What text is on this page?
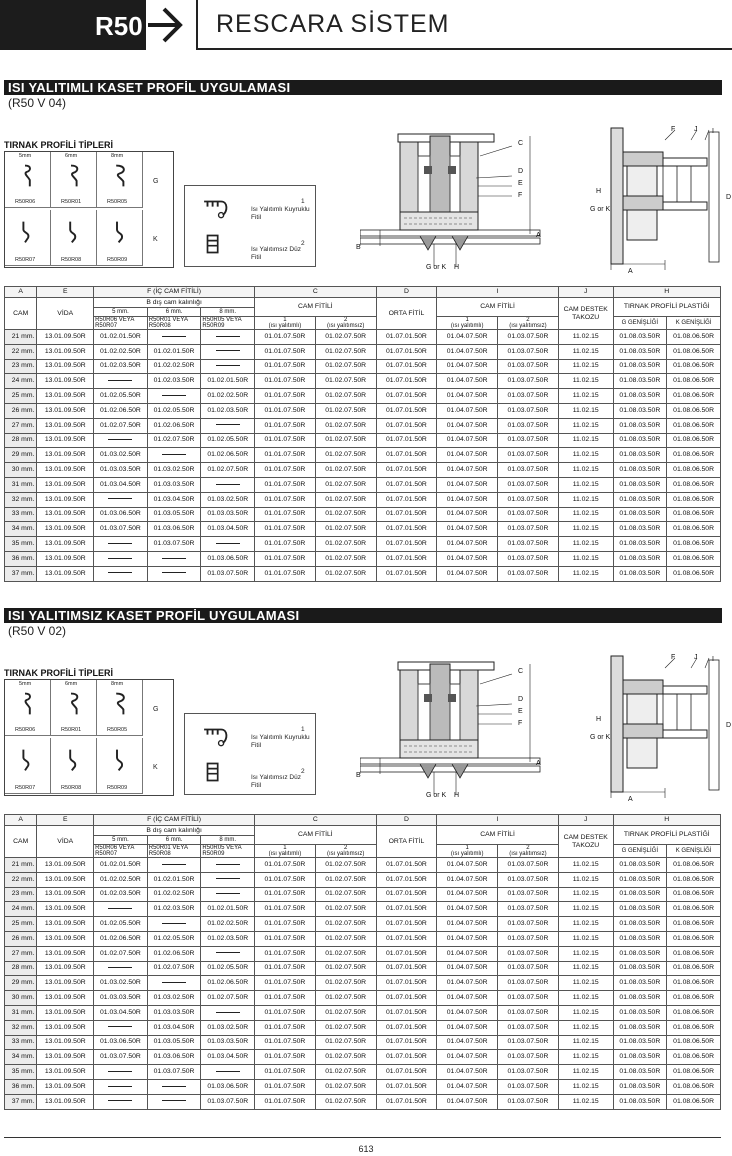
R50	RESCARA SİSTEM
ISI YALITIMLI KASET PROFİL UYGULAMASI
(R50 V 04)
TIRNAK PROFİLİ TİPLERİ
5mm
R50R06
6mm
R50R01
8mm
R50R05
R50R07	R50R08	R50R09
G
K
1
Isı Yalıtımlı Kuyruklu Fitil
2
Isı Yalıtımsız Düz Fitil
C
D
E
F
B
A
G or K H
F	J I
H
G or K
D
A
A	E	F (İÇ CAM FİTİLİ)			C		D	I		J	H	
CAM	VİDA	B dış cam kalınlığı			CAM FİTİLİ		ORTA FİTİL	CAM FİTİLİ		CAM DESTEK TAKOZU	TIRNAK PROFİLİ PLASTİĞİ	
		5 mm.	6 mm.	8 mm.								
		R50R06 VEYA R50R07	R50R01 VEYA R50R08	R50R05 VEYA R50R09	1
(ısı yalıtımlı)	2
(ısı yalıtımsız)		1
(ısı yalıtımlı)	2
(ısı yalıtımsız)		G GENİŞLİĞİ	K GENİŞLİĞİ
21 mm.	13.01.09.50R	01.02.01.50R			01.01.07.50R	01.02.07.50R	01.07.01.50R	01.04.07.50R	01.03.07.50R	11.02.15	01.08.03.50R	01.08.06.50R
22 mm.	13.01.09.50R	01.02.02.50R	01.02.01.50R		01.01.07.50R	01.02.07.50R	01.07.01.50R	01.04.07.50R	01.03.07.50R	11.02.15	01.08.03.50R	01.08.06.50R
23 mm.	13.01.09.50R	01.02.03.50R	01.02.02.50R		01.01.07.50R	01.02.07.50R	01.07.01.50R	01.04.07.50R	01.03.07.50R	11.02.15	01.08.03.50R	01.08.06.50R
24 mm.	13.01.09.50R		01.02.03.50R	01.02.01.50R	01.01.07.50R	01.02.07.50R	01.07.01.50R	01.04.07.50R	01.03.07.50R	11.02.15	01.08.03.50R	01.08.06.50R
25 mm.	13.01.09.50R	01.02.05.50R		01.02.02.50R	01.01.07.50R	01.02.07.50R	01.07.01.50R	01.04.07.50R	01.03.07.50R	11.02.15	01.08.03.50R	01.08.06.50R
26 mm.	13.01.09.50R	01.02.06.50R	01.02.05.50R	01.02.03.50R	01.01.07.50R	01.02.07.50R	01.07.01.50R	01.04.07.50R	01.03.07.50R	11.02.15	01.08.03.50R	01.08.06.50R
27 mm.	13.01.09.50R	01.02.07.50R	01.02.06.50R		01.01.07.50R	01.02.07.50R	01.07.01.50R	01.04.07.50R	01.03.07.50R	11.02.15	01.08.03.50R	01.08.06.50R
28 mm.	13.01.09.50R		01.02.07.50R	01.02.05.50R	01.01.07.50R	01.02.07.50R	01.07.01.50R	01.04.07.50R	01.03.07.50R	11.02.15	01.08.03.50R	01.08.06.50R
29 mm.	13.01.09.50R	01.03.02.50R		01.02.06.50R	01.01.07.50R	01.02.07.50R	01.07.01.50R	01.04.07.50R	01.03.07.50R	11.02.15	01.08.03.50R	01.08.06.50R
30 mm.	13.01.09.50R	01.03.03.50R	01.03.02.50R	01.02.07.50R	01.01.07.50R	01.02.07.50R	01.07.01.50R	01.04.07.50R	01.03.07.50R	11.02.15	01.08.03.50R	01.08.06.50R
31 mm.	13.01.09.50R	01.03.04.50R	01.03.03.50R		01.01.07.50R	01.02.07.50R	01.07.01.50R	01.04.07.50R	01.03.07.50R	11.02.15	01.08.03.50R	01.08.06.50R
32 mm.	13.01.09.50R		01.03.04.50R	01.03.02.50R	01.01.07.50R	01.02.07.50R	01.07.01.50R	01.04.07.50R	01.03.07.50R	11.02.15	01.08.03.50R	01.08.06.50R
33 mm.	13.01.09.50R	01.03.06.50R	01.03.05.50R	01.03.03.50R	01.01.07.50R	01.02.07.50R	01.07.01.50R	01.04.07.50R	01.03.07.50R	11.02.15	01.08.03.50R	01.08.06.50R
34 mm.	13.01.09.50R	01.03.07.50R	01.03.06.50R	01.03.04.50R	01.01.07.50R	01.02.07.50R	01.07.01.50R	01.04.07.50R	01.03.07.50R	11.02.15	01.08.03.50R	01.08.06.50R
35 mm.	13.01.09.50R		01.03.07.50R		01.01.07.50R	01.02.07.50R	01.07.01.50R	01.04.07.50R	01.03.07.50R	11.02.15	01.08.03.50R	01.08.06.50R
36 mm.	13.01.09.50R			01.03.06.50R	01.01.07.50R	01.02.07.50R	01.07.01.50R	01.04.07.50R	01.03.07.50R	11.02.15	01.08.03.50R	01.08.06.50R
37 mm.	13.01.09.50R			01.03.07.50R	01.01.07.50R	01.02.07.50R	01.07.01.50R	01.04.07.50R	01.03.07.50R	11.02.15	01.08.03.50R	01.08.06.50R
ISI YALITIMSIZ KASET PROFİL UYGULAMASI
(R50 V 02)
TIRNAK PROFİLİ TİPLERİ
5mm
R50R06
6mm
R50R01
8mm
R50R05
R50R07	R50R08	R50R09
G
K
1
Isı Yalıtımlı Kuyruklu Fitil
2
Isı Yalıtımsız Düz Fitil
C
D
E
F
B
A
G or K H
F	J I
H
G or K
D
A
A	E	F (İÇ CAM FİTİLİ)			C		D	I		J	H	
CAM	VİDA	B dış cam kalınlığı			CAM FİTİLİ		ORTA FİTİL	CAM FİTİLİ		CAM DESTEK TAKOZU	TIRNAK PROFİLİ PLASTİĞİ	
		5 mm.	6 mm.	8 mm.								
		R50R06 VEYA R50R07	R50R01 VEYA R50R08	R50R05 VEYA R50R09	1
(ısı yalıtımlı)	2
(ısı yalıtımsız)		1
(ısı yalıtımlı)	2
(ısı yalıtımsız)		G GENİŞLİĞİ	K GENİŞLİĞİ
21 mm.	13.01.09.50R	01.02.01.50R			01.01.07.50R	01.02.07.50R	01.07.01.50R	01.04.07.50R	01.03.07.50R	11.02.15	01.08.03.50R	01.08.06.50R
22 mm.	13.01.09.50R	01.02.02.50R	01.02.01.50R		01.01.07.50R	01.02.07.50R	01.07.01.50R	01.04.07.50R	01.03.07.50R	11.02.15	01.08.03.50R	01.08.06.50R
23 mm.	13.01.09.50R	01.02.03.50R	01.02.02.50R		01.01.07.50R	01.02.07.50R	01.07.01.50R	01.04.07.50R	01.03.07.50R	11.02.15	01.08.03.50R	01.08.06.50R
24 mm.	13.01.09.50R		01.02.03.50R	01.02.01.50R	01.01.07.50R	01.02.07.50R	01.07.01.50R	01.04.07.50R	01.03.07.50R	11.02.15	01.08.03.50R	01.08.06.50R
25 mm.	13.01.09.50R	01.02.05.50R		01.02.02.50R	01.01.07.50R	01.02.07.50R	01.07.01.50R	01.04.07.50R	01.03.07.50R	11.02.15	01.08.03.50R	01.08.06.50R
26 mm.	13.01.09.50R	01.02.06.50R	01.02.05.50R	01.02.03.50R	01.01.07.50R	01.02.07.50R	01.07.01.50R	01.04.07.50R	01.03.07.50R	11.02.15	01.08.03.50R	01.08.06.50R
27 mm.	13.01.09.50R	01.02.07.50R	01.02.06.50R		01.01.07.50R	01.02.07.50R	01.07.01.50R	01.04.07.50R	01.03.07.50R	11.02.15	01.08.03.50R	01.08.06.50R
28 mm.	13.01.09.50R		01.02.07.50R	01.02.05.50R	01.01.07.50R	01.02.07.50R	01.07.01.50R	01.04.07.50R	01.03.07.50R	11.02.15	01.08.03.50R	01.08.06.50R
29 mm.	13.01.09.50R	01.03.02.50R		01.02.06.50R	01.01.07.50R	01.02.07.50R	01.07.01.50R	01.04.07.50R	01.03.07.50R	11.02.15	01.08.03.50R	01.08.06.50R
30 mm.	13.01.09.50R	01.03.03.50R	01.03.02.50R	01.02.07.50R	01.01.07.50R	01.02.07.50R	01.07.01.50R	01.04.07.50R	01.03.07.50R	11.02.15	01.08.03.50R	01.08.06.50R
31 mm.	13.01.09.50R	01.03.04.50R	01.03.03.50R		01.01.07.50R	01.02.07.50R	01.07.01.50R	01.04.07.50R	01.03.07.50R	11.02.15	01.08.03.50R	01.08.06.50R
32 mm.	13.01.09.50R		01.03.04.50R	01.03.02.50R	01.01.07.50R	01.02.07.50R	01.07.01.50R	01.04.07.50R	01.03.07.50R	11.02.15	01.08.03.50R	01.08.06.50R
33 mm.	13.01.09.50R	01.03.06.50R	01.03.05.50R	01.03.03.50R	01.01.07.50R	01.02.07.50R	01.07.01.50R	01.04.07.50R	01.03.07.50R	11.02.15	01.08.03.50R	01.08.06.50R
34 mm.	13.01.09.50R	01.03.07.50R	01.03.06.50R	01.03.04.50R	01.01.07.50R	01.02.07.50R	01.07.01.50R	01.04.07.50R	01.03.07.50R	11.02.15	01.08.03.50R	01.08.06.50R
35 mm.	13.01.09.50R		01.03.07.50R		01.01.07.50R	01.02.07.50R	01.07.01.50R	01.04.07.50R	01.03.07.50R	11.02.15	01.08.03.50R	01.08.06.50R
36 mm.	13.01.09.50R			01.03.06.50R	01.01.07.50R	01.02.07.50R	01.07.01.50R	01.04.07.50R	01.03.07.50R	11.02.15	01.08.03.50R	01.08.06.50R
37 mm.	13.01.09.50R			01.03.07.50R	01.01.07.50R	01.02.07.50R	01.07.01.50R	01.04.07.50R	01.03.07.50R	11.02.15	01.08.03.50R	01.08.06.50R
613
